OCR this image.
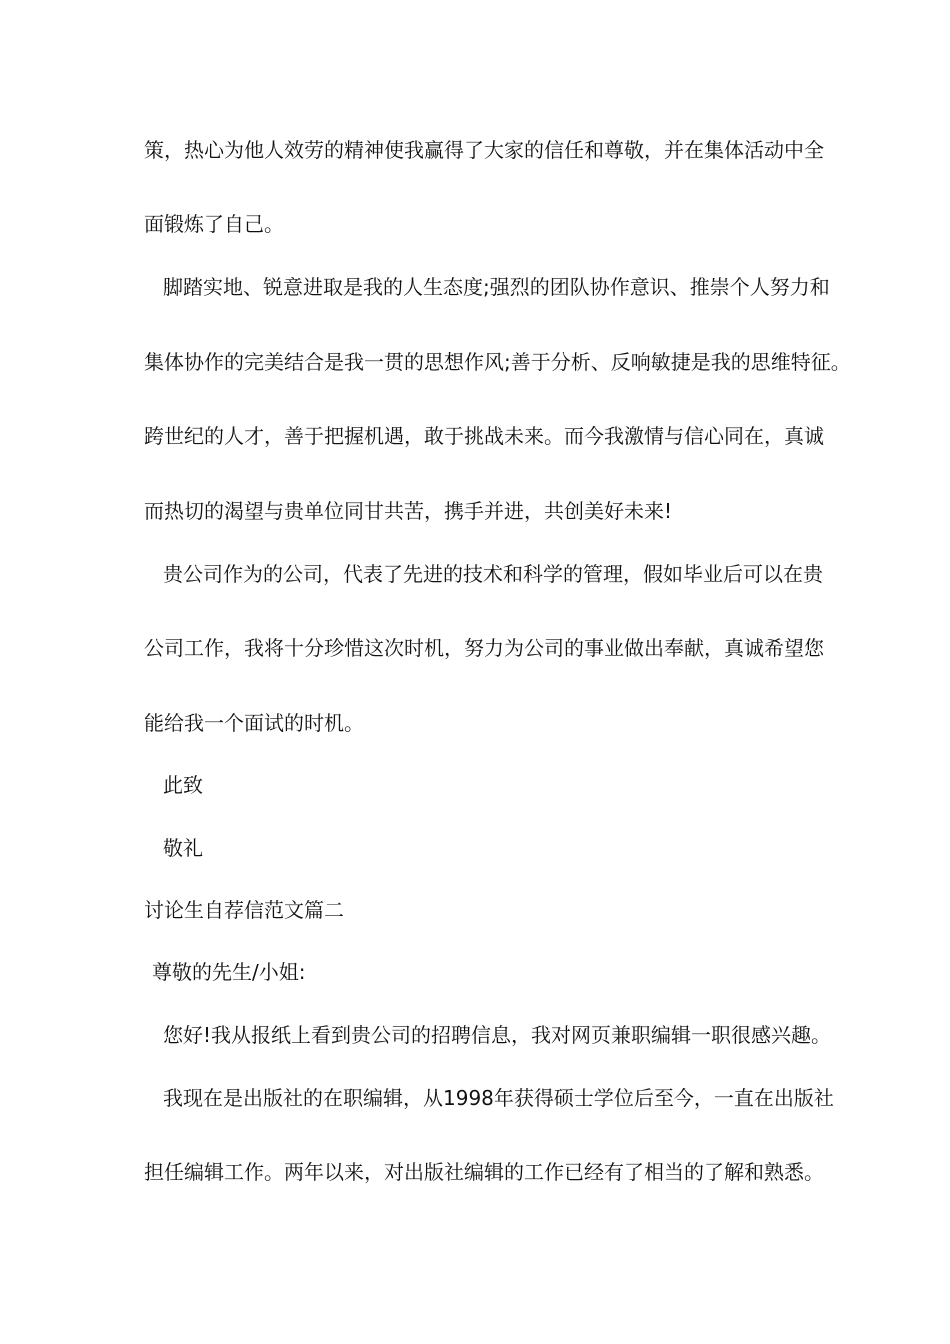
策，热心为他人效劳的精神使我赢得了大家的信任和尊敬，并在集体活动中全
面锻炼了自己。
脚踏实地、锐意进取是我的人生态度;强烈的团队协作意识、推崇个人努力和
集体协作的完美结合是我一贯的思想作风;善于分析、反响敏捷是我的思维特征。
跨世纪的人才，善于把握机遇，敢于挑战未来。而今我激情与信心同在，真诚
而热切的渴望与贵单位同甘共苦，携手并进，共创美好未来!
贵公司作为的公司，代表了先进的技术和科学的管理，假如毕业后可以在贵
公司工作，我将十分珍惜这次时机，努力为公司的事业做出奉献，真诚希望您
能给我一个面试的时机。
此致
敬礼
讨论生自荐信范文篇二
尊敬的先生/小姐:
您好!我从报纸上看到贵公司的招聘信息，我对网页兼职编辑一职很感兴趣。
我现在是出版社的在职编辑，从1998年获得硕士学位后至今，一直在出版社
担任编辑工作。两年以来，对出版社编辑的工作已经有了相当的了解和熟悉。
